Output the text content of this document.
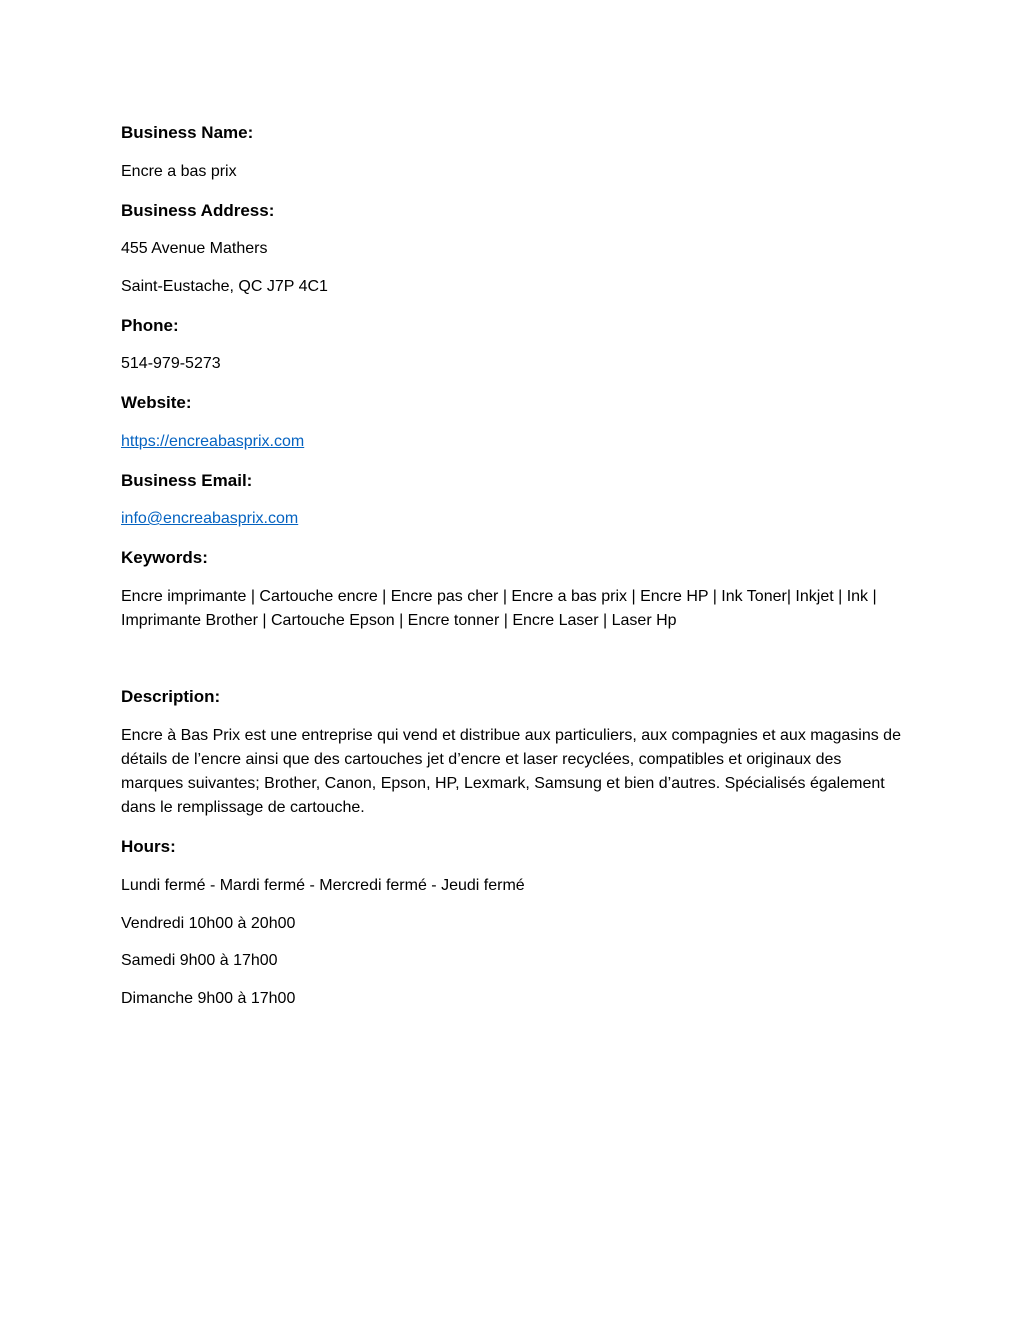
Business Name:
Encre a bas prix
Business Address:
455 Avenue Mathers
Saint-Eustache, QC J7P 4C1
Phone:
514-979-5273
Website:
https://encreabasprix.com
Business Email:
info@encreabasprix.com
Keywords:
Encre imprimante | Cartouche encre | Encre pas cher | Encre a bas prix | Encre HP | Ink Toner| Inkjet | Ink | Imprimante Brother | Cartouche Epson | Encre tonner | Encre Laser | Laser Hp
Description:
Encre à Bas Prix est une entreprise qui vend et distribue aux particuliers, aux compagnies et aux magasins de détails de l’encre ainsi que des cartouches jet d’encre et laser recyclées, compatibles et originaux des marques suivantes; Brother, Canon, Epson, HP, Lexmark, Samsung et bien d’autres. Spécialisés également dans le remplissage de cartouche.
Hours:
Lundi fermé - Mardi fermé - Mercredi fermé - Jeudi fermé
Vendredi 10h00 à 20h00
Samedi 9h00 à 17h00
Dimanche 9h00 à 17h00
